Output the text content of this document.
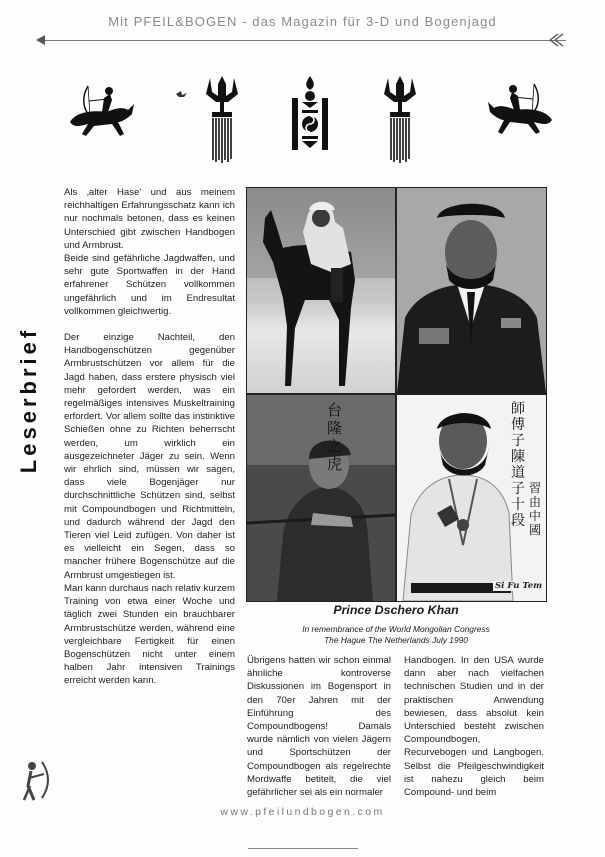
Mit PFEIL&BOGEN - das Magazin für 3-D und Bogenjagd
Leserbrief

Als ‚alter Hase' und aus meinem reichhaltigen Erfahrungsschatz kann ich nur nochmals betonen, dass es keinen Unterschied gibt zwischen Handbogen und Armbrust.

Beide sind gefährliche Jagdwaffen, und sehr gute Sportwaffen in der Hand erfahrener Schützen vollkommen ungefährlich und im Endresultat vollkommen gleichwertig.

Der einzige Nachteil, den Handbogenschützen gegenüber Armbrustschützen vor allem für die Jagd haben, dass erstere physisch viel mehr gefordert werden, was ein regelmäßiges intensives Muskeltraining erfordert. Vor allem sollte das instinktive Schießen ohne zu Richten beherrscht werden, um wirklich ein ausgezeichneter Jäger zu sein. Wenn wir ehrlich sind, müssen wir sagen, dass viele Bogenjäger nur durchschnittliche Schützen sind, selbst mit Compoundbogen und Richtmitteln, und dadurch während der Jagd den Tieren viel Leid zufügen. Von daher ist es vielleicht ein Segen, dass so mancher frühere Bogenschütze auf die Armbrust umgestiegen ist.

Man kann durchaus nach relativ kurzem Training von etwa einer Woche und täglich zwei Stunden ein brauchbarer Armbrustschütze werden, während eine vergleichbare Fertigkeit für einen Bogenschützen nicht unter einem halben Jahr intensiven Trainings erreicht werden kann.

台隆之虎
師傅子陳道子十段
習由中國
Si Fu Tem
Prince Dschero Khan
In remembrance of the World Mongolian Congress
The Hague The Netherlands July 1990

Übrigens hatten wir schon einmal ähnliche kontroverse Diskussionen im Bogensport in den 70er Jahren mit der Einführung des Compoundbogens! Damals wurde nämlich von vielen Jägern und Sportschützen der Compoundbogen als regelrechte Mordwaffe betitelt, die viel gefährlicher sei als ein normaler

Handbogen. In den USA wurde dann aber nach vielfachen technischen Studien und in der praktischen Anwendung bewiesen, dass absolut kein Unterschied besteht zwischen Compoundbogen, Recurvebogen und Langbogen. Selbst die Pfeilgeschwindigkeit ist nahezu gleich beim Compound- und beim

www.pfeilundbogen.com
